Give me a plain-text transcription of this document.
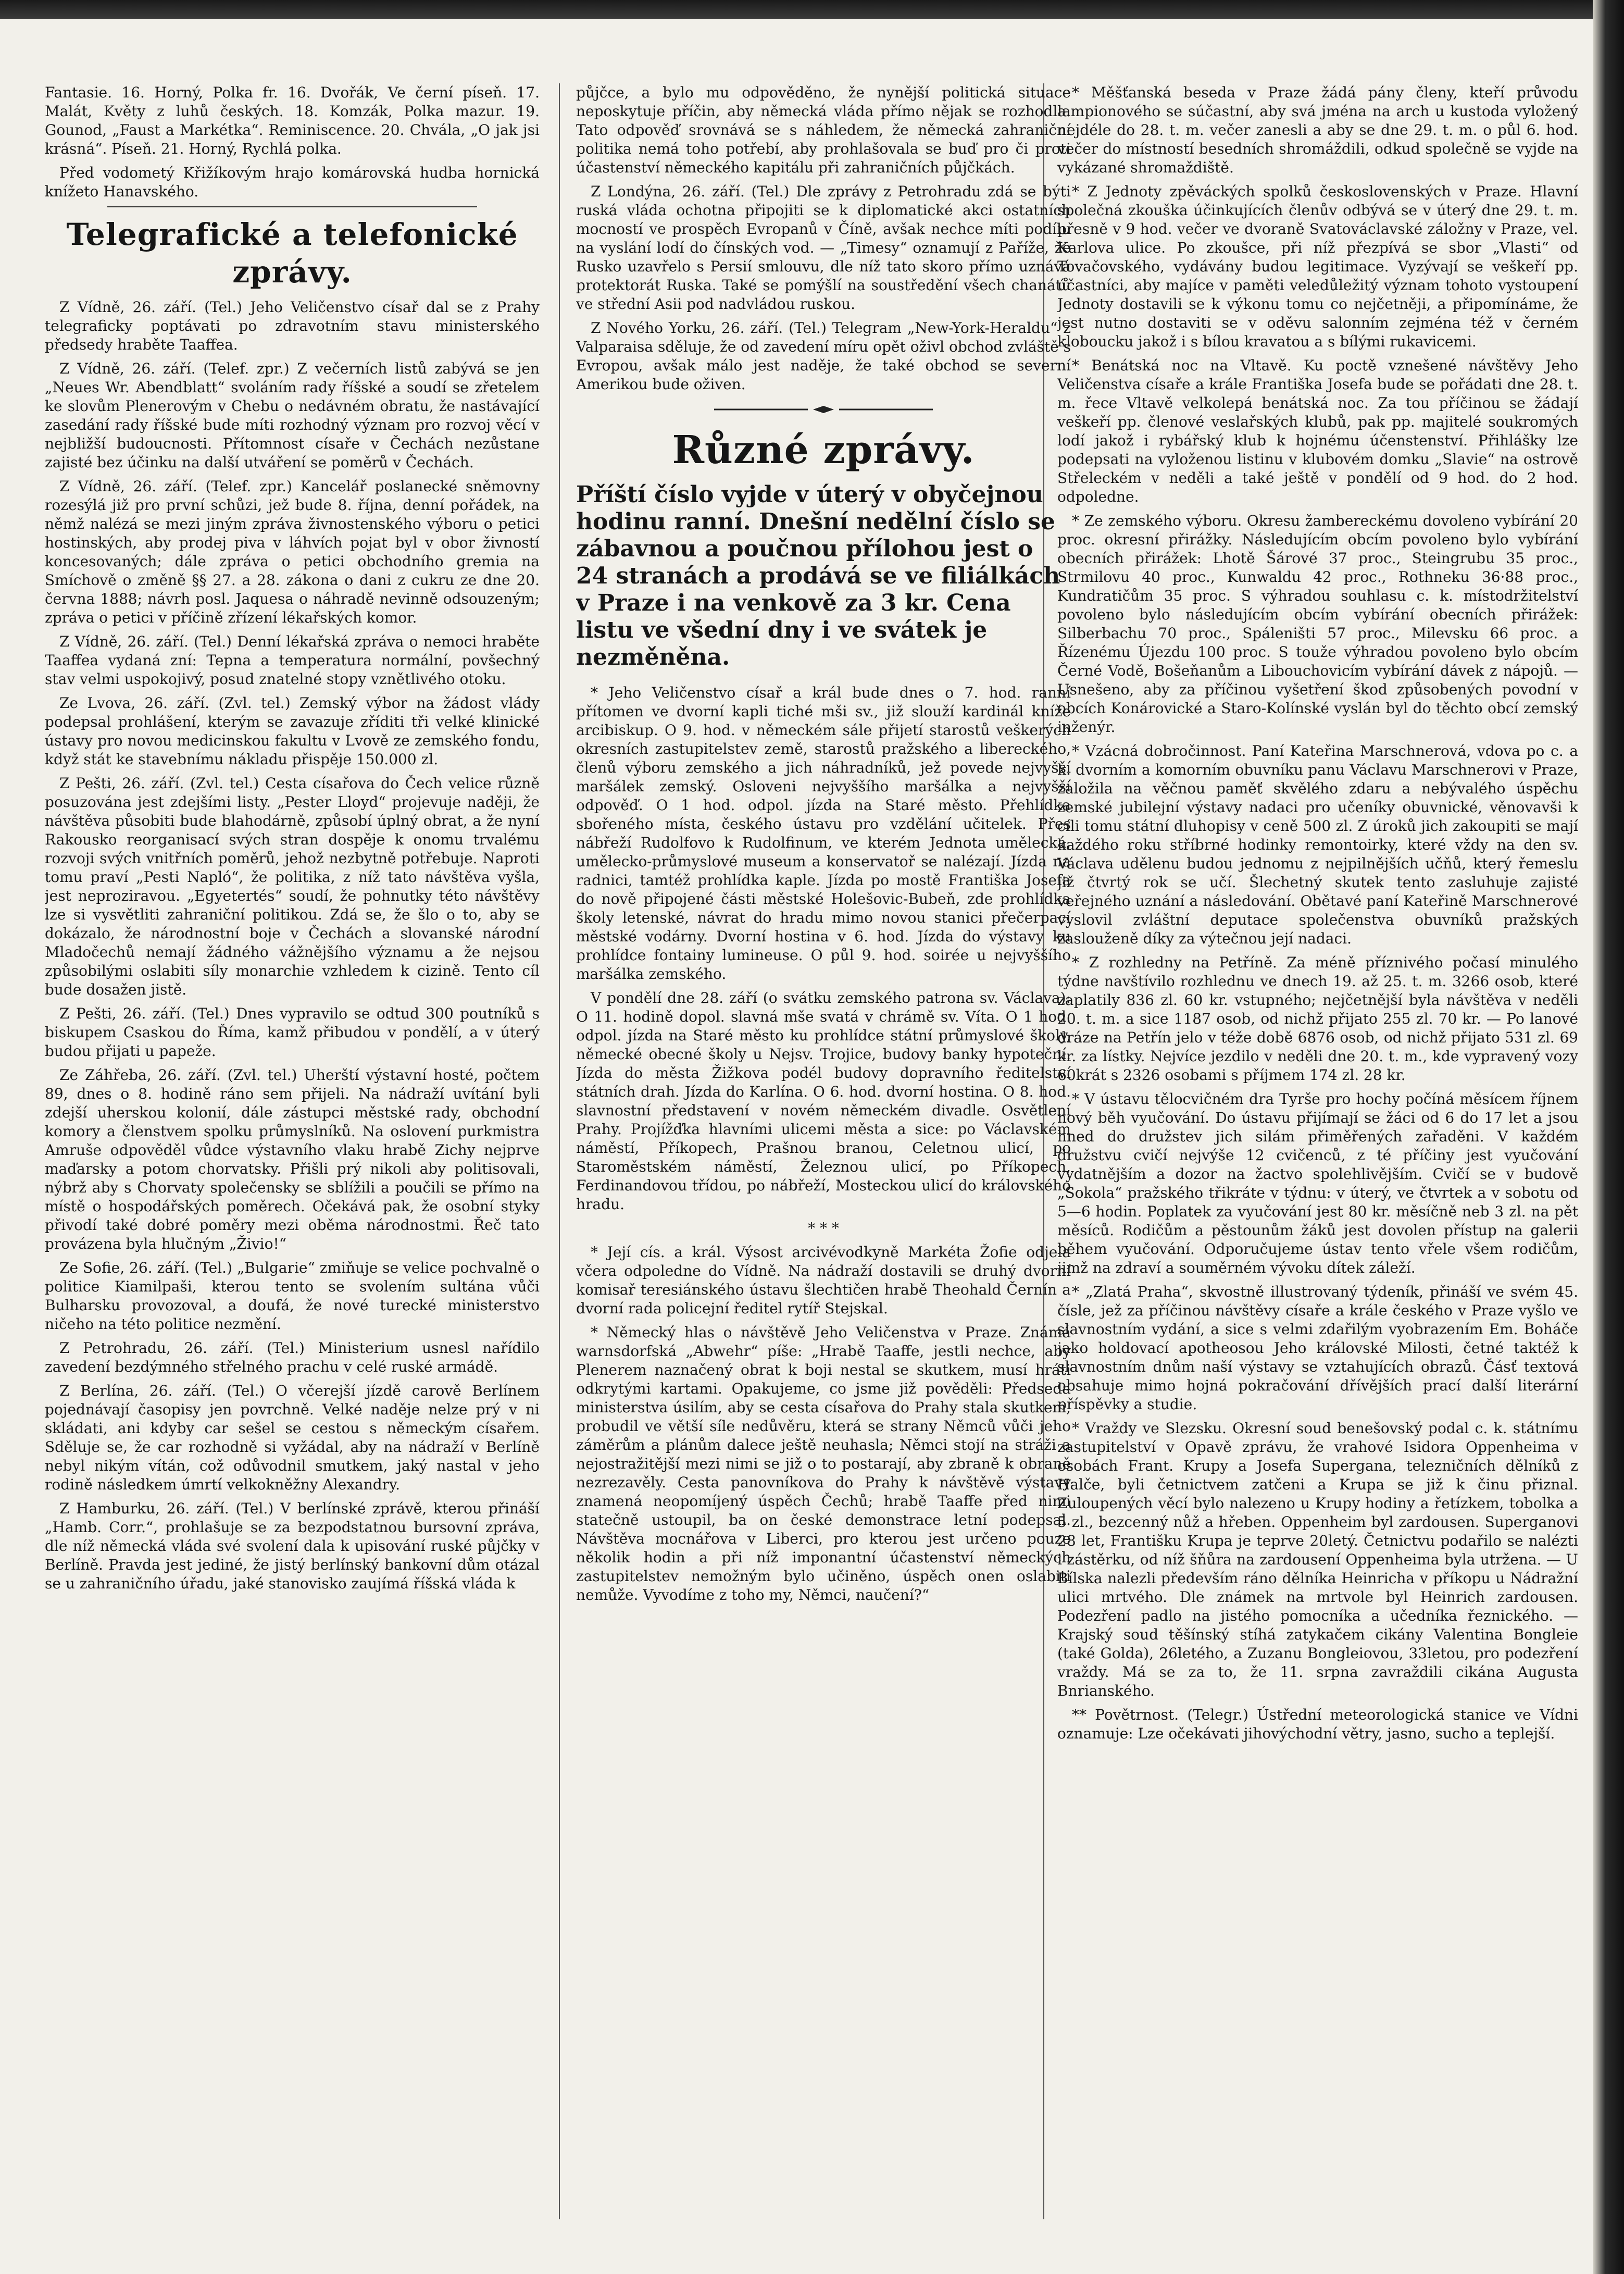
Fantasie. 16. Horný, Polka fr. 16. Dvořák, Ve černí píseň. 17. Malát, Květy z luhů českých. 18. Komzák, Polka mazur. 19. Gounod, „Faust a Markétka“. Reminiscence. 20. Chvála, „O jak jsi krásná“. Píseň. 21. Horný, Rychlá polka.

Před vodometý Křižíkovým hrajo komárovská hudba hornická knížeto Hanavského.

Telegrafické a telefonické zprávy.

Z Vídně, 26. září. (Tel.) Jeho Veličenstvo císař dal se z Prahy telegraficky poptávati po zdravotním stavu ministerského předsedy hraběte Taaffea.

Z Vídně, 26. září. (Telef. zpr.) Z večerních listů zabývá se jen „Neues Wr. Abendblatt“ svoláním rady říšské a soudí se zřetelem ke slovům Plenerovým v Chebu o nedávném obratu, že nastávající zasedání rady říšské bude míti rozhodný význam pro rozvoj věcí v nejbližší budoucnosti. Přítomnost císaře v Čechách nezůstane zajisté bez účinku na další utváření se poměrů v Čechách.

Z Vídně, 26. září. (Telef. zpr.) Kancelář poslanecké sněmovny rozesýlá již pro první schůzi, jež bude 8. října, denní pořádek, na němž nalézá se mezi jiným zpráva živnostenského výboru o petici hostinských, aby prodej piva v láhvích pojat byl v obor živností koncesovaných; dále zpráva o petici obchodního gremia na Smíchově o změně §§ 27. a 28. zákona o dani z cukru ze dne 20. června 1888; návrh posl. Jaquesa o náhradě nevinně odsouzeným; zpráva o petici v příčině zřízení lékařských komor.

Z Vídně, 26. září. (Tel.) Denní lékařská zpráva o nemoci hraběte Taaffea vydaná zní: Tepna a temperatura normální, povšechný stav velmi uspokojivý, posud znatelné stopy vznětlivého otoku.

Ze Lvova, 26. září. (Zvl. tel.) Zemský výbor na žádost vlády podepsal prohlášení, kterým se zavazuje zříditi tři velké klinické ústavy pro novou medicinskou fakultu v Lvově ze zemského fondu, když stát ke stavebnímu nákladu přispěje 150.000 zl.

Z Pešti, 26. září. (Zvl. tel.) Cesta císařova do Čech velice různě posuzována jest zdejšími listy. „Pester Lloyd“ projevuje naději, že návštěva působiti bude blahodárně, způsobí úplný obrat, a že nyní Rakousko reorganisací svých stran dospěje k onomu trvalému rozvoji svých vnitřních poměrů, jehož nezbytně potřebuje. Naproti tomu praví „Pesti Napló“, že politika, z níž tato návštěva vyšla, jest neproziravou. „Egyetertés“ soudí, že pohnutky této návštěvy lze si vysvětliti zahraniční politikou. Zdá se, že šlo o to, aby se dokázalo, že národnostní boje v Čechách a slovanské národní Mladočechů nemají žádného vážnějšího významu a že nejsou způsobilými oslabiti síly monarchie vzhledem k cizině. Tento cíl bude dosažen jistě.

Z Pešti, 26. září. (Tel.) Dnes vypravilo se odtud 300 poutníků s biskupem Csaskou do Říma, kamž přibudou v pondělí, a v úterý budou přijati u papeže.

Ze Záhřeba, 26. září. (Zvl. tel.) Uherští výstavní hosté, počtem 89, dnes o 8. hodině ráno sem přijeli. Na nádraží uvítání byli zdejší uherskou kolonií, dále zástupci městské rady, obchodní komory a členstvem spolku průmyslníků. Na oslovení purkmistra Amruše odpověděl vůdce výstavního vlaku hrabě Zichy nejprve maďarsky a potom chorvatsky. Přišli prý nikoli aby politisovali, nýbrž aby s Chorvaty společensky se sblížili a poučili se přímo na místě o hospodářských poměrech. Očekává pak, že osobní styky přivodí také dobré poměry mezi oběma národnostmi. Řeč tato provázena byla hlučným „Živio!“

Ze Sofie, 26. září. (Tel.) „Bulgarie“ zmiňuje se velice pochvalně o politice Kiamilpaši, kterou tento se svolením sultána vůči Bulharsku provozoval, a doufá, že nové turecké ministerstvo ničeho na této politice nezmění.

Z Petrohradu, 26. září. (Tel.) Ministerium usnesl nařídilo zavedení bezdýmného střelného prachu v celé ruské armádě.

Z Berlína, 26. září. (Tel.) O včerejší jízdě carově Berlínem pojednávají časopisy jen povrchně. Velké naděje nelze prý v ni skládati, ani kdyby car sešel se cestou s německým císařem. Sděluje se, že car rozhodně si vyžádal, aby na nádraží v Berlíně nebyl nikým vítán, což odůvodnil smutkem, jaký nastal v jeho rodině následkem úmrtí velkokněžny Alexandry.

Z Hamburku, 26. září. (Tel.) V berlínské zprávě, kterou přináší „Hamb. Corr.“, prohlašuje se za bezpodstatnou bursovní zpráva, dle níž německá vláda své svolení dala k upisování ruské půjčky v Berlíně. Pravda jest jediné, že jistý berlínský bankovní dům otázal se u zahraničního úřadu, jaké stanovisko zaujímá říšská vláda k

půjčce, a bylo mu odpověděno, že nynější politická situace neposkytuje příčin, aby německá vláda přímo nějak se rozhodla. Tato odpověď srovnává se s náhledem, že německá zahraniční politika nemá toho potřebí, aby prohlašovala se buď pro či proti účastenství německého kapitálu při zahraničních půjčkách.

Z Londýna, 26. září. (Tel.) Dle zprávy z Petrohradu zdá se býti ruská vláda ochotna připojiti se k diplomatické akci ostatních mocností ve prospěch Evropanů v Číně, avšak nechce míti podílu na vyslání lodí do čínských vod. — „Timesy“ oznamují z Paříže, že Rusko uzavřelo s Persií smlouvu, dle níž tato skoro přímo uznává protektorát Ruska. Také se pomýšlí na soustředění všech chanátů ve střední Asii pod nadvládou ruskou.

Z Nového Yorku, 26. září. (Tel.) Telegram „New-York-Heraldu“ z Valparaisa sděluje, že od zavedení míru opět oživl obchod zvláště s Evropou, avšak málo jest naděje, že také obchod se severní Amerikou bude oživen.

Různé zprávy.
Příští číslo vyjde v úterý v obyčejnou hodinu ranní. Dnešní nedělní číslo se zábavnou a poučnou přílohou jest o 24 stranách a prodává se ve filiálkách v Praze i na venkově za 3 kr. Cena listu ve všední dny i ve svátek je nezměněna.

* Jeho Veličenstvo císař a král bude dnes o 7. hod. ranní přítomen ve dvorní kapli tiché mši sv., již slouží kardinál kníže arcibiskup. O 9. hod. v německém sále přijetí starostů veškerých okresních zastupitelstev země, starostů pražského a libereckého, členů výboru zemského a jich náhradníků, jež povede nejvyšší maršálek zemský. Osloveni nejvyššího maršálka a nejvyšší odpověď. O 1 hod. odpol. jízda na Staré město. Přehlídka sbořeného místa, českého ústavu pro vzdělání učitelek. Přes nábřeží Rudolfovo k Rudolfinum, ve kterém Jednota umělecká, umělecko-průmyslové museum a konservatoř se nalézají. Jízda na radnici, tamtéž prohlídka kaple. Jízda po mostě Františka Josefa do nově připojené části městské Holešovic-Bubeň, zde prohlídka školy letenské, návrat do hradu mimo novou stanici přečerpací městské vodárny. Dvorní hostina v 6. hod. Jízda do výstavy ku prohlídce fontainy lumineuse. O půl 9. hod. soirée u nejvyššího maršálka zemského.

V pondělí dne 28. září (o svátku zemského patrona sv. Václava): O 11. hodině dopol. slavná mše svatá v chrámě sv. Víta. O 1 hod. odpol. jízda na Staré město ku prohlídce státní průmyslové školy, německé obecné školy u Nejsv. Trojice, budovy banky hypoteční. Jízda do města Žižkova podél budovy dopravního ředitelství státních drah. Jízda do Karlína. O 6. hod. dvorní hostina. O 8. hod. slavnostní představení v novém německém divadle. Osvětlení Prahy. Projížďka hlavními ulicemi města a sice: po Václavském náměstí, Příkopech, Prašnou branou, Celetnou ulicí, po Staroměstském náměstí, Železnou ulicí, po Příkopech, Ferdinandovou třídou, po nábřeží, Mosteckou ulicí do královského hradu.

* * *

* Její cís. a král. Výsost arcivévodkyně Markéta Žofie odjela včera odpoledne do Vídně. Na nádraží dostavili se druhý dvorní komisař teresiánského ústavu šlechtičen hrabě Theohald Černín a dvorní rada policejní ředitel rytíř Stejskal.

* Německý hlas o návštěvě Jeho Veličenstva v Praze. Známá warnsdorfská „Abwehr“ píše: „Hrabě Taaffe, jestli nechce, aby Plenerem naznačený obrat k boji nestal se skutkem, musí hráti odkrytými kartami. Opakujeme, co jsme již pověděli: Předseda ministerstva úsilím, aby se cesta císařova do Prahy stala skutkem, probudil ve větší síle nedůvěru, která se strany Němců vůči jeho záměrům a plánům dalece ještě neuhasla; Němci stojí na stráži a nejostražitější mezi nimi se již o to postarají, aby zbraně k obraně nezrezavěly. Cesta panovníkova do Prahy k návštěvě výstavy znamená neopomíjený úspěch Čechů; hrabě Taaffe před nimi statečně ustoupil, ba on české demonstrace letní podepsal. Návštěva mocnářova v Liberci, pro kterou jest určeno pouze několik hodin a při níž imponantní účastenství německých zastupitelstev nemožným bylo učiněno, úspěch onen oslabiti nemůže. Vyvodíme z toho my, Němci, naučení?“

* Měšťanská beseda v Praze žádá pány členy, kteří průvodu lampionového se súčastní, aby svá jména na arch u kustoda vyložený nejdéle do 28. t. m. večer zanesli a aby se dne 29. t. m. o půl 6. hod. večer do místností besedních shromáždili, odkud společně se vyjde na vykázané shromaždiště.

* Z Jednoty zpěváckých spolků československých v Praze. Hlavní společná zkouška účinkujících členův odbývá se v úterý dne 29. t. m. přesně v 9 hod. večer ve dvoraně Svatováclavské záložny v Praze, vel. Karlova ulice. Po zkoušce, při níž přezpívá se sbor „Vlasti“ od Tovačovského, vydávány budou legitimace. Vyzývají se veškeří pp. účastníci, aby majíce v paměti veledůležitý význam tohoto vystoupení Jednoty dostavili se k výkonu tomu co nejčetněji, a připomínáme, že jest nutno dostaviti se v oděvu salonním zejména též v černém kloboucku jakož i s bílou kravatou a s bílými rukavicemi.

* Benátská noc na Vltavě. Ku poctě vznešené návštěvy Jeho Veličenstva císaře a krále Františka Josefa bude se pořádati dne 28. t. m. řece Vltavě velkolepá benátská noc. Za tou příčinou se žádají veškeří pp. členové veslařských klubů, pak pp. majitelé soukromých lodí jakož i rybářský klub k hojnému účenstenství. Přihlášky lze podepsati na vyloženou listinu v klubovém domku „Slavie“ na ostrově Střeleckém v neděli a také ještě v pondělí od 9 hod. do 2 hod. odpoledne.

* Ze zemského výboru. Okresu žambereckému dovoleno vybírání 20 proc. okresní přirážky. Následujícím obcím povoleno bylo vybírání obecních přirážek: Lhotě Šárové 37 proc., Steingrubu 35 proc., Strmilovu 40 proc., Kunwaldu 42 proc., Rothneku 36·88 proc., Kundratičům 35 proc. S výhradou souhlasu c. k. místodržitelství povoleno bylo následujícím obcím vybírání obecních přirážek: Silberbachu 70 proc., Spáleništi 57 proc., Milevsku 66 proc. a Řízenému Újezdu 100 proc. S touže výhradou povoleno bylo obcím Černé Vodě, Bošeňanům a Libouchovicím vybírání dávek z nápojů. — Usnešeno, aby za příčinou vyšetření škod způsobených povodní v obcích Konárovické a Staro-Kolínské vyslán byl do těchto obcí zemský inženýr.

* Vzácná dobročinnost. Paní Kateřina Marschnerová, vdova po c. a k. dvorním a komorním obuvníku panu Václavu Marschnerovi v Praze, založila na věčnou paměť skvělého zdaru a nebývalého úspěchu zemské jubilejní výstavy nadaci pro učeníky obuvnické, věnovavši k cíli tomu státní dluhopisy v ceně 500 zl. Z úroků jich zakoupiti se mají každého roku stříbrné hodinky remontoirky, které vždy na den sv. Václava udělenu budou jednomu z nejpilnějších učňů, který řemeslu již čtvrtý rok se učí. Šlechetný skutek tento zasluhuje zajisté veřejného uznání a následování. Obětavé paní Kateřině Marschnerové vyslovil zvláštní deputace společenstva obuvníků pražských zaslouženě díky za výtečnou její nadaci.

* Z rozhledny na Petříně. Za méně příznivého počasí minulého týdne navštívilo rozhlednu ve dnech 19. až 25. t. m. 3266 osob, které zaplatily 836 zl. 60 kr. vstupného; nejčetnější byla návštěva v neděli 20. t. m. a sice 1187 osob, od nichž přijato 255 zl. 70 kr. — Po lanové dráze na Petřín jelo v téže době 6876 osob, od nichž přijato 531 zl. 69 kr. za lístky. Nejvíce jezdilo v neděli dne 20. t. m., kde vypravený vozy 60krát s 2326 osobami s příjmem 174 zl. 28 kr.

* V ústavu tělocvičném dra Tyrše pro hochy počíná měsícem říjnem nový běh vyučování. Do ústavu přijímají se žáci od 6 do 17 let a jsou hned do družstev jich silám přiměřených zařaděni. V každém družstvu cvičí nejvýše 12 cvičenců, z té příčiny jest vyučování vydatnějším a dozor na žactvo spolehlivějším. Cvičí se v budově „Sokola“ pražského třikráte v týdnu: v úterý, ve čtvrtek a v sobotu od 5—6 hodin. Poplatek za vyučování jest 80 kr. měsíčně neb 3 zl. na pět měsíců. Rodičům a pěstounům žáků jest dovolen přístup na galerii během vyučování. Odporučujeme ústav tento vřele všem rodičům, jimž na zdraví a souměrném vývoku dítek záleží.

* „Zlatá Praha“, skvostně illustrovaný týdeník, přináší ve svém 45. čísle, jež za příčinou návštěvy císaře a krále českého v Praze vyšlo ve slavnostním vydání, a sice s velmi zdařilým vyobrazením Em. Boháče jako holdovací apotheosou Jeho královské Milosti, četné taktéž k slavnostním dnům naší výstavy se vztahujících obrazů. Čásť textová obsahuje mimo hojná pokračování dřívějších prací další literární příspěvky a studie.

* Vraždy ve Slezsku. Okresní soud benešovský podal c. k. státnímu zastupitelství v Opavě zprávu, že vrahové Isidora Oppenheima v osobách Frant. Krupy a Josefa Supergana, telezničních dělníků z Halče, byli četnictvem zatčeni a Krupa se již k činu přiznal. Zuloupených věcí bylo nalezeno u Krupy hodiny a řetízkem, tobolka a 5 zl., bezcenný nůž a hřeben. Oppenheim byl zardousen. Superganovi 28 let, Františku Krupa je teprve 20letý. Četnictvu podařilo se nalézti i zástěrku, od níž šňůra na zardousení Oppenheima byla utržena. — U Bílska nalezli především ráno dělníka Heinricha v příkopu u Nádražní ulici mrtvého. Dle známek na mrtvole byl Heinrich zardousen. Podezření padlo na jistého pomocníka a učedníka řeznického. — Krajský soud těšínský stíhá zatykačem cikány Valentina Bongleie (také Golda), 26letého, a Zuzanu Bongleiovou, 33letou, pro podezření vraždy. Má se za to, že 11. srpna zavraždili cikána Augusta Bnrianského.

** Povětrnost. (Telegr.) Ústřední meteorologická stanice ve Vídni oznamuje: Lze očekávati jihovýchodní větry, jasno, sucho a teplejší.
